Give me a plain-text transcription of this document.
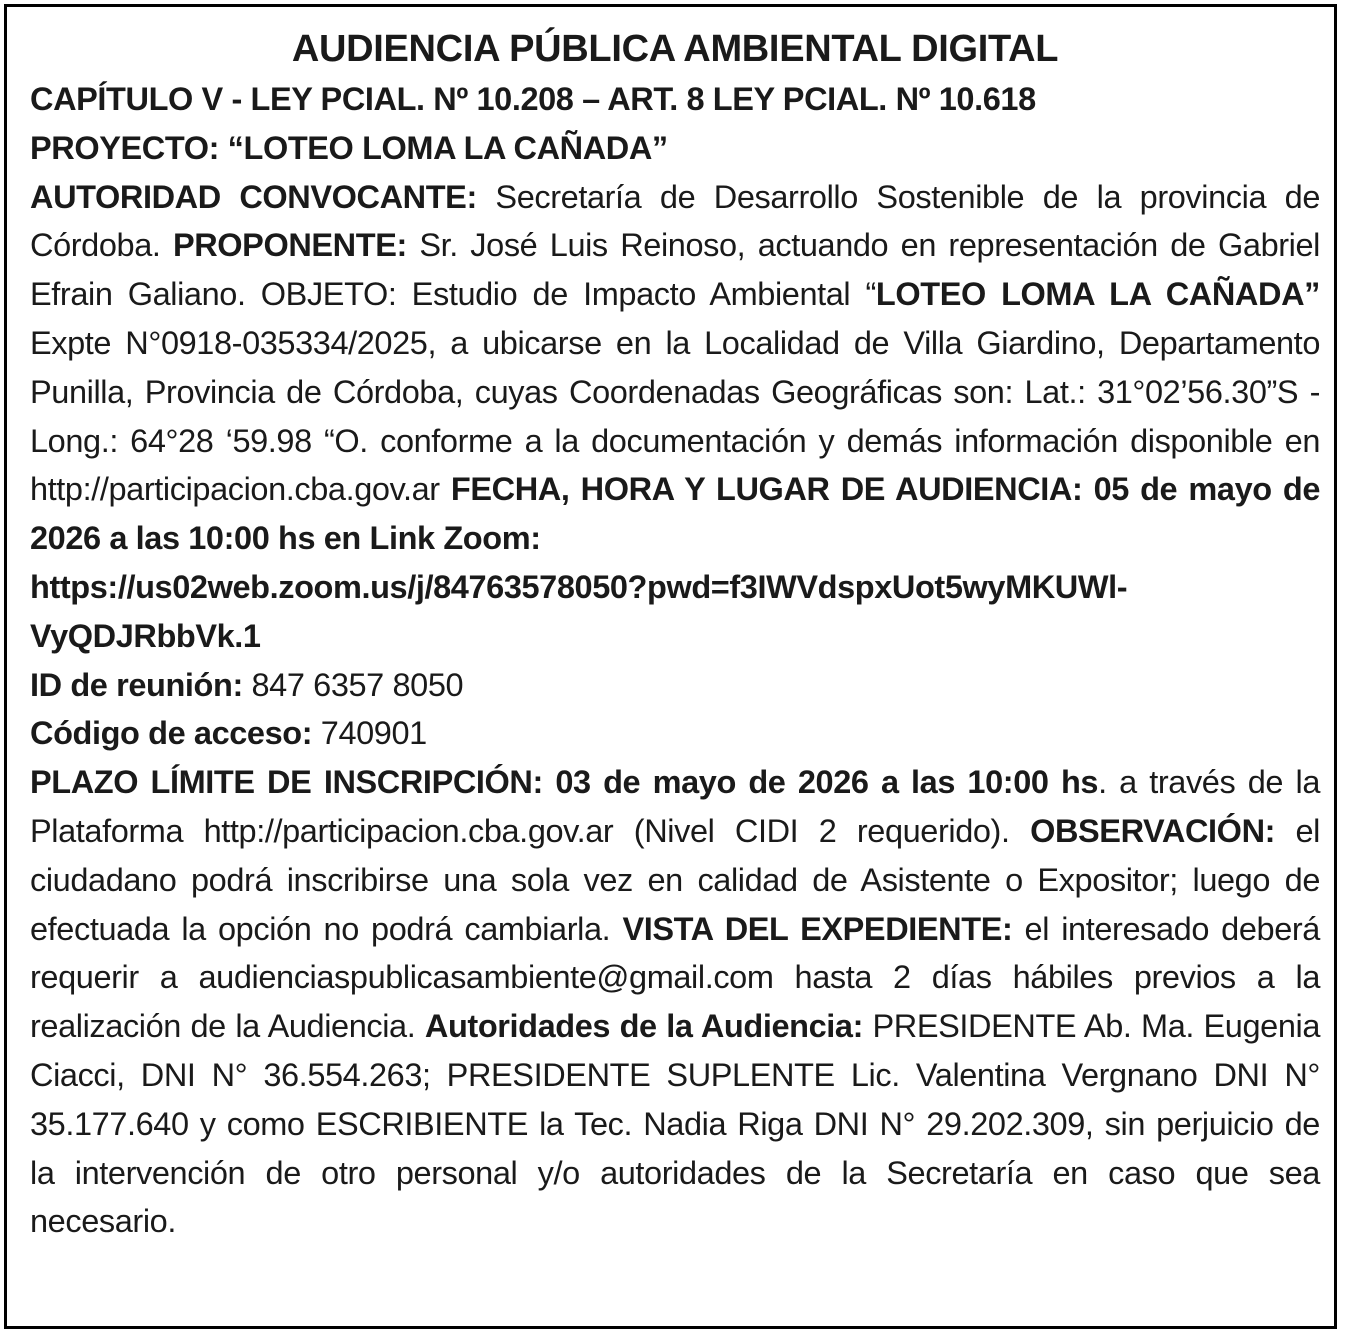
AUDIENCIA PÚBLICA AMBIENTAL DIGITAL

CAPÍTULO V - LEY PCIAL. Nº 10.208 – ART. 8 LEY PCIAL. Nº 10.618

PROYECTO: “LOTEO LOMA LA CAÑADA”

AUTORIDAD CONVOCANTE: Secretaría de Desarrollo Sostenible de la provincia de Córdoba. PROPONENTE: Sr. José Luis Reinoso, actuando en representación de Gabriel Efrain Galiano. OBJETO: Estudio de Impacto Ambiental “LOTEO LOMA LA CAÑADA” Expte N°0918-035334/2025, a ubicarse en la Localidad de Villa Giardino, Departamento Punilla, Provincia de Córdoba, cuyas Coordenadas Geográficas son: Lat.: 31°02’56.30”S - Long.: 64°28 ‘59.98 “O. conforme a la documentación y demás información disponible en http://participacion.cba.gov.ar FECHA, HORA Y LUGAR DE AUDIENCIA: 05 de mayo de 2026 a las 10:00 hs en Link Zoom:

https://us02web.zoom.us/j/84763578050?pwd=f3IWVdspxUot5wyMKUWl-

VyQDJRbbVk.1

ID de reunión: 847 6357 8050

Código de acceso: 740901

PLAZO LÍMITE DE INSCRIPCIÓN: 03 de mayo de 2026 a las 10:00 hs. a través de la Plataforma http://participacion.cba.gov.ar (Nivel CIDI 2 requerido). OBSERVACIÓN: el ciudadano podrá inscribirse una sola vez en calidad de Asistente o Expositor; luego de efectuada la opción no podrá cambiarla. VISTA DEL EXPEDIENTE: el interesado deberá requerir a audienciaspublicasambiente@gmail.com hasta 2 días hábiles previos a la realización de la Audiencia. Autoridades de la Audiencia: PRESIDENTE Ab. Ma. Eugenia Ciacci, DNI N° 36.554.263; PRESIDENTE SUPLENTE Lic. Valentina Vergnano DNI N° 35.177.640 y como ESCRIBIENTE la Tec. Nadia Riga DNI N° 29.202.309, sin perjuicio de la intervención de otro personal y/o autoridades de la Secretaría en caso que sea necesario.
